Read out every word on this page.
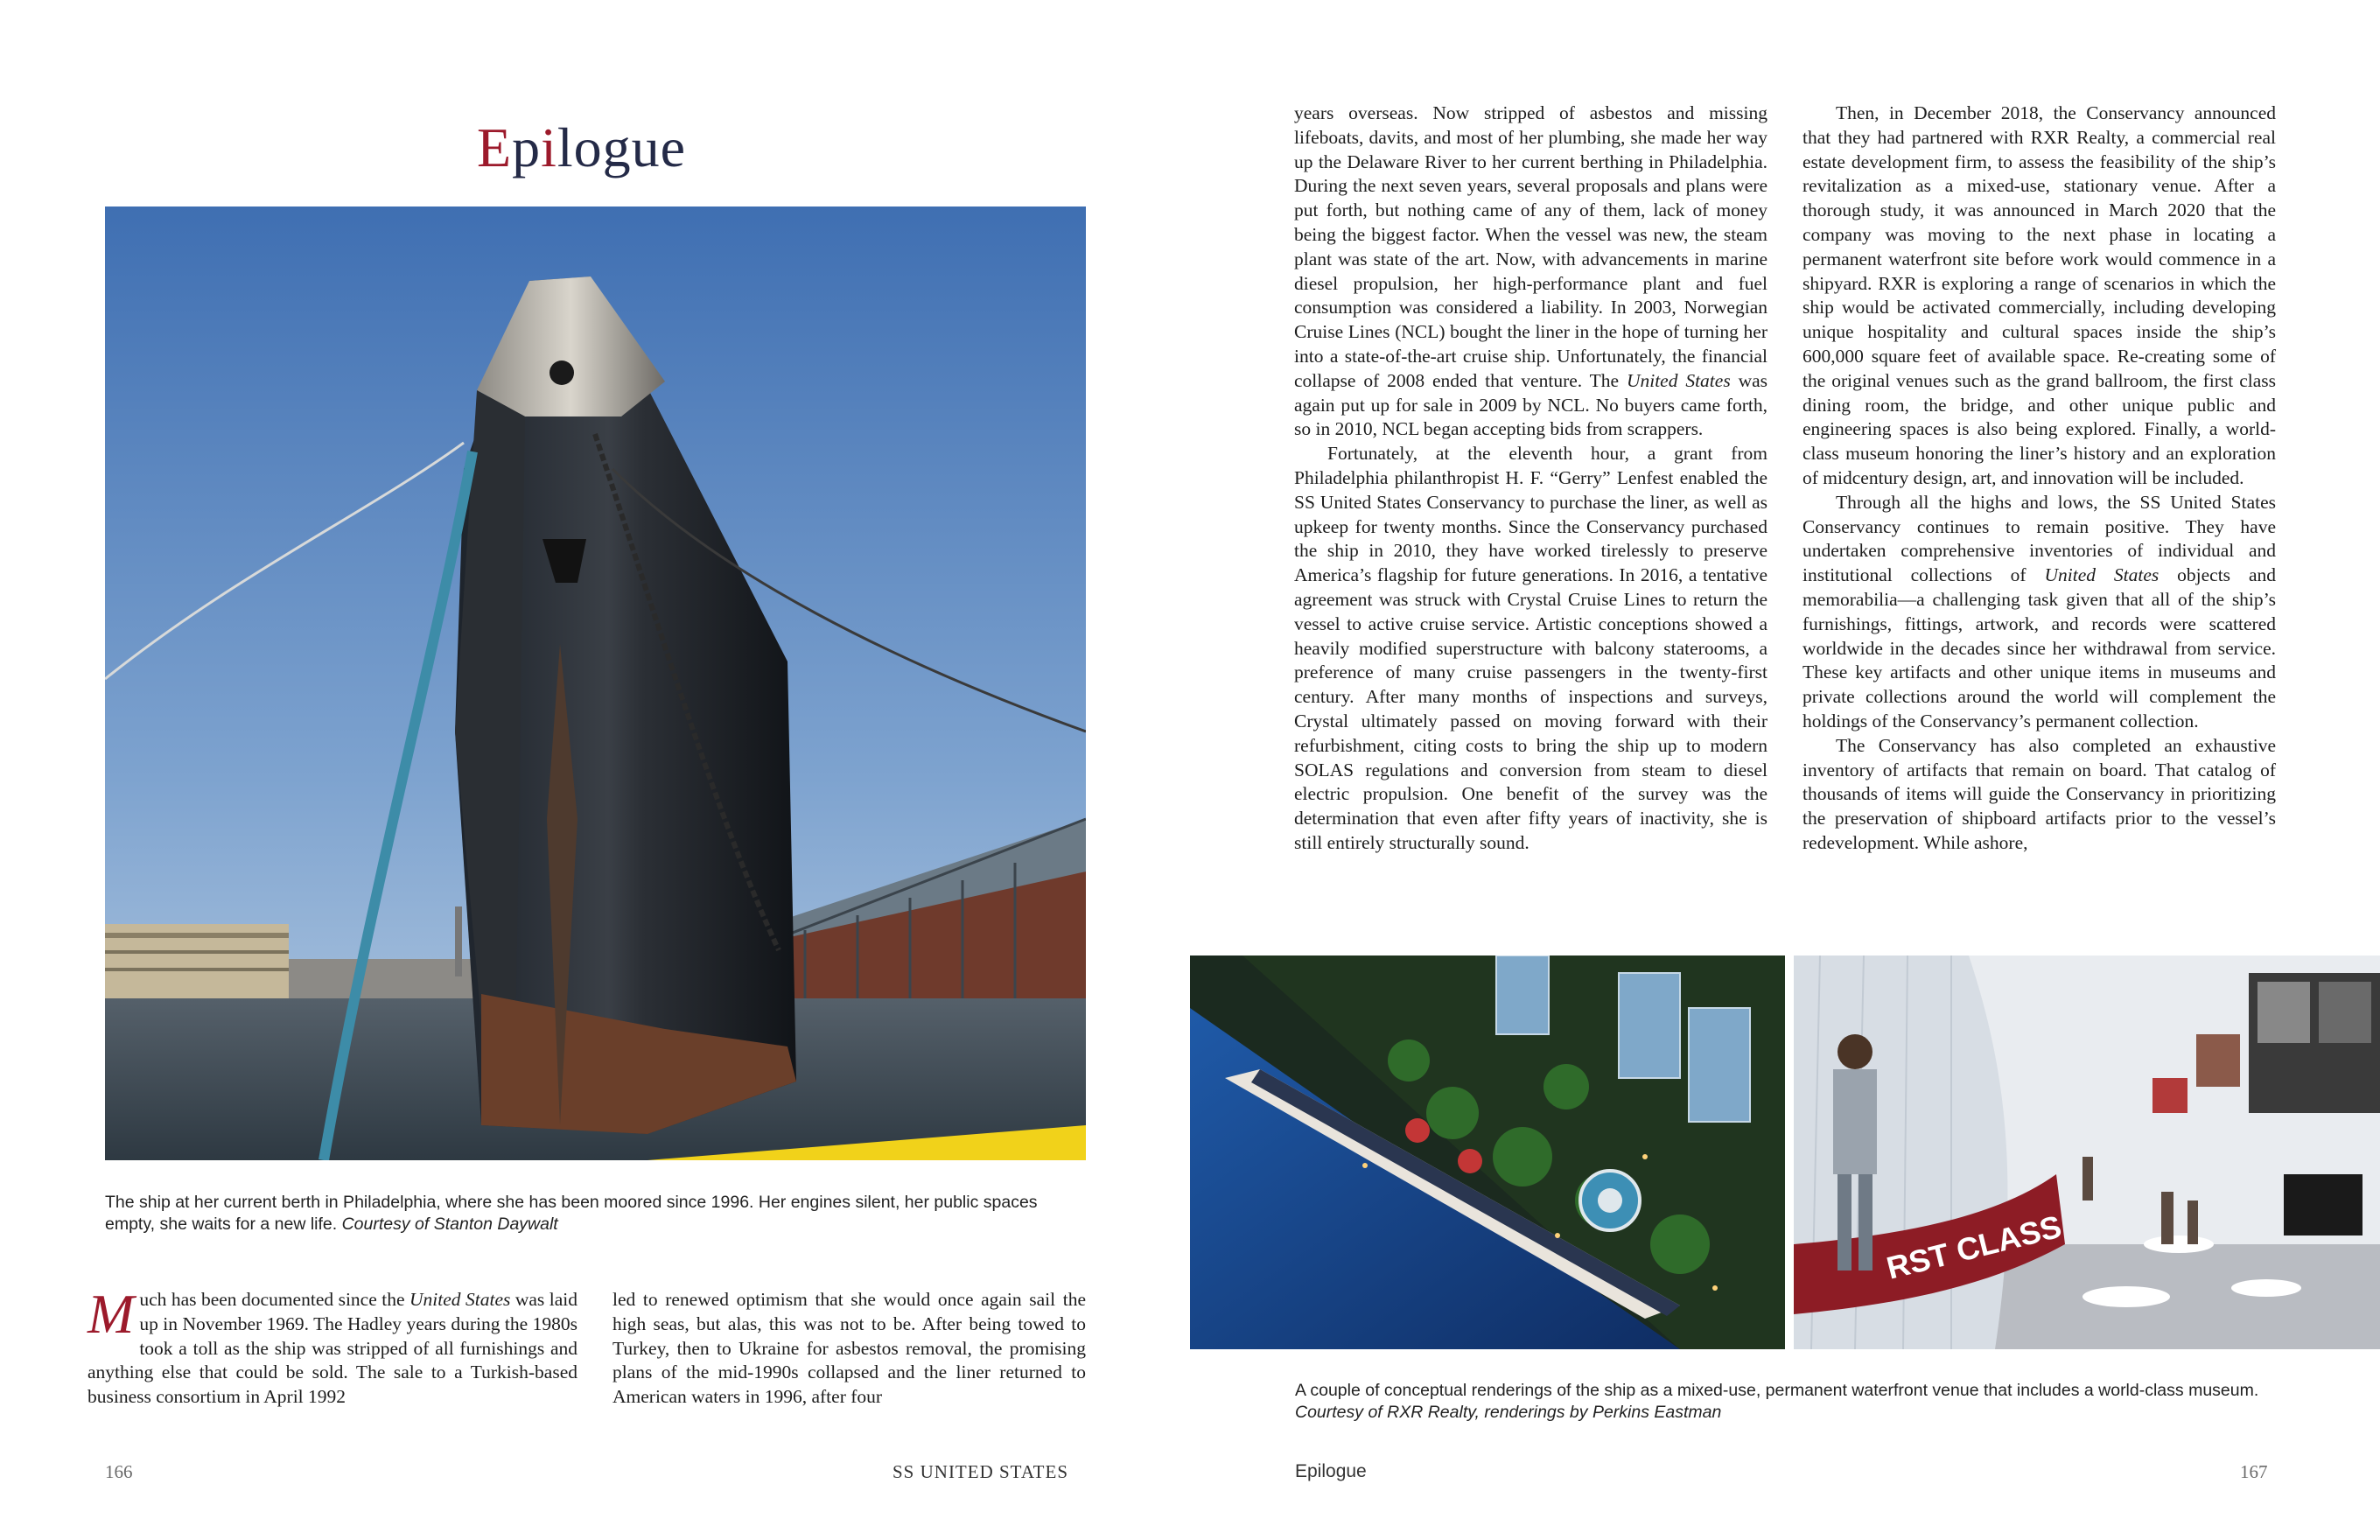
Epilogue
The ship at her current berth in Philadelphia, where she has been moored since 1996. Her engines silent, her public spaces empty, she waits for a new life. Courtesy of Stanton Daywalt

Much has been documented since the United States was laid up in November 1969. The Hadley years during the 1980s took a toll as the ship was stripped of all furnishings and anything else that could be sold. The sale to a Turkish-based business consortium in April 1992

led to renewed optimism that she would once again sail the high seas, but alas, this was not to be. After being towed to Turkey, then to Ukraine for asbestos removal, the promising plans of the mid-1990s collapsed and the liner returned to American waters in 1996, after four

166	SS UNITED STATES

years overseas. Now stripped of asbestos and missing lifeboats, davits, and most of her plumbing, she made her way up the Delaware River to her current berthing in Philadelphia. During the next seven years, several proposals and plans were put forth, but nothing came of any of them, lack of money being the biggest factor. When the vessel was new, the steam plant was state of the art. Now, with advancements in marine diesel propulsion, her high-performance plant and fuel consumption was considered a liability. In 2003, Norwegian Cruise Lines (NCL) bought the liner in the hope of turning her into a state-of-the-art cruise ship. Unfortunately, the financial collapse of 2008 ended that venture. The United States was again put up for sale in 2009 by NCL. No buyers came forth, so in 2010, NCL began accepting bids from scrappers.

Fortunately, at the eleventh hour, a grant from Philadelphia philanthropist H. F. “Gerry” Lenfest enabled the SS United States Conservancy to purchase the liner, as well as upkeep for twenty months. Since the Conservancy purchased the ship in 2010, they have worked tirelessly to preserve America’s flagship for future generations. In 2016, a tentative agreement was struck with Crystal Cruise Lines to return the vessel to active cruise service. Artistic conceptions showed a heavily modified superstructure with balcony staterooms, a preference of many cruise passengers in the twenty-first century. After many months of inspections and surveys, Crystal ultimately passed on moving forward with their refurbishment, citing costs to bring the ship up to modern SOLAS regulations and conversion from steam to diesel electric propulsion. One benefit of the survey was the determination that even after fifty years of inactivity, she is still entirely structurally sound.

Then, in December 2018, the Conservancy announced that they had partnered with RXR Realty, a commercial real estate development firm, to assess the feasibility of the ship’s revitalization as a mixed-use, stationary venue. After a thorough study, it was announced in March 2020 that the company was moving to the next phase in locating a permanent waterfront site before work would commence in a shipyard. RXR is exploring a range of scenarios in which the ship would be activated commercially, including developing unique hospitality and cultural spaces inside the ship’s 600,000 square feet of available space. Re-creating some of the original venues such as the grand ballroom, the first class dining room, the bridge, and other unique public and engineering spaces is also being explored. Finally, a world-class museum honoring the liner’s history and an exploration of midcentury design, art, and innovation will be included.

Through all the highs and lows, the SS United States Conservancy continues to remain positive. They have undertaken comprehensive inventories of individual and institutional collections of United States objects and memorabilia—a challenging task given that all of the ship’s furnishings, fittings, artwork, and records were scattered worldwide in the decades since her withdrawal from service. These key artifacts and other unique items in museums and private collections around the world will complement the holdings of the Conservancy’s permanent collection.

The Conservancy has also completed an exhaustive inventory of artifacts that remain on board. That catalog of thousands of items will guide the Conservancy in prioritizing the preservation of shipboard artifacts prior to the vessel’s redevelopment. While ashore,

RST CLASS
A couple of conceptual renderings of the ship as a mixed-use, permanent waterfront venue that includes a world-class museum.
Courtesy of RXR Realty, renderings by Perkins Eastman
Epilogue	167
